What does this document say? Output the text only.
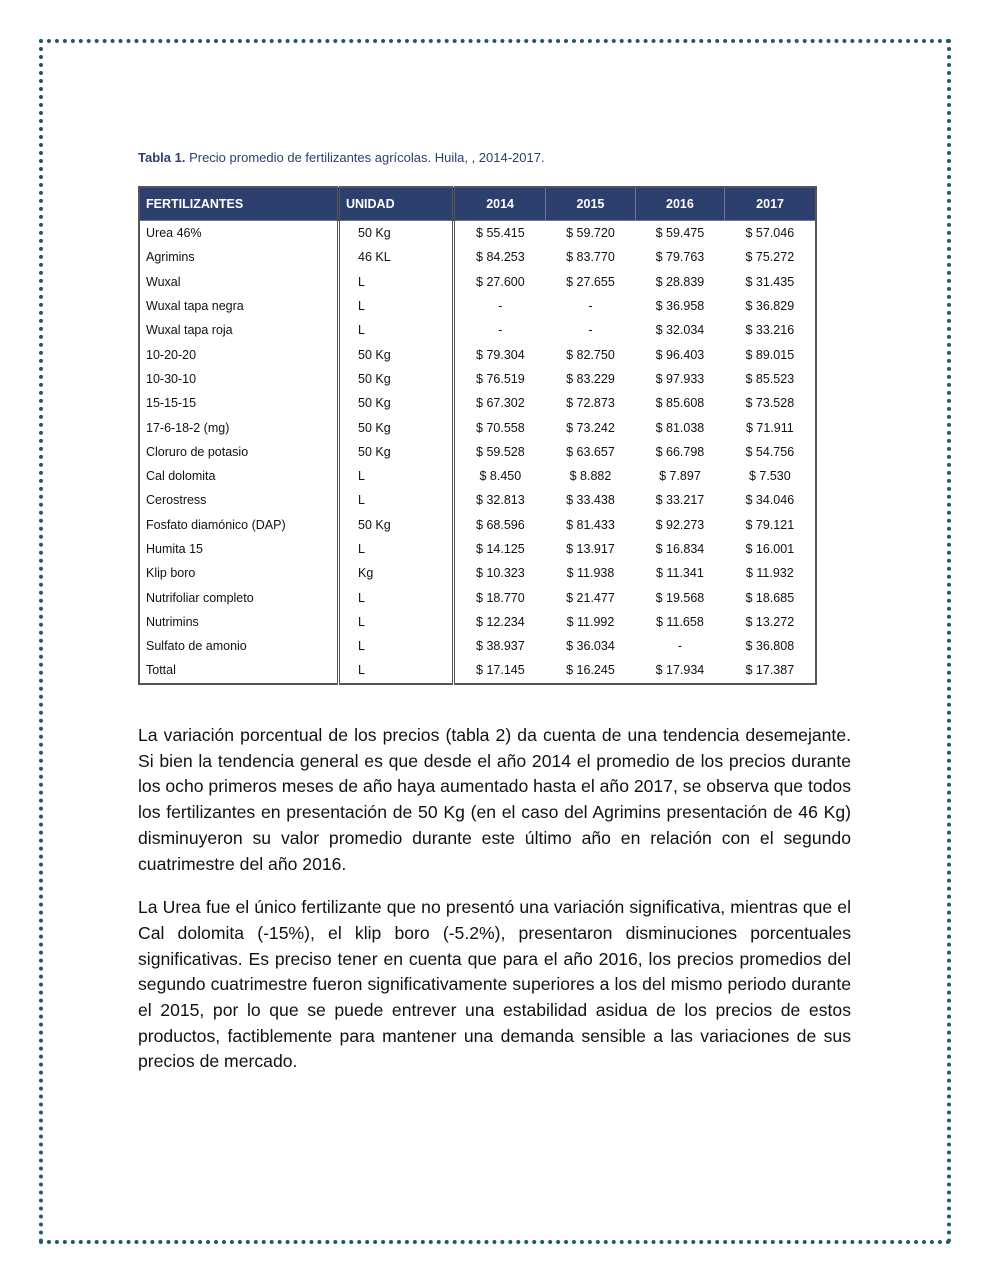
Tabla 1. Precio promedio de fertilizantes agrícolas. Huila, , 2014-2017.
FERTILIZANTES	UNIDAD	2014	2015	2016	2017
Urea 46%	50 Kg	$ 55.415	$ 59.720	$ 59.475	$ 57.046
Agrimins	46 KL	$ 84.253	$ 83.770	$ 79.763	$ 75.272
Wuxal	L	$ 27.600	$ 27.655	$ 28.839	$ 31.435
Wuxal tapa negra	L	-	-	$ 36.958	$ 36.829
Wuxal tapa roja	L	-	-	$ 32.034	$ 33.216
10-20-20	50 Kg	$ 79.304	$ 82.750	$ 96.403	$ 89.015
10-30-10	50 Kg	$ 76.519	$ 83.229	$ 97.933	$ 85.523
15-15-15	50 Kg	$ 67.302	$ 72.873	$ 85.608	$ 73.528
17-6-18-2 (mg)	50 Kg	$ 70.558	$ 73.242	$ 81.038	$ 71.911
Cloruro de potasio	50 Kg	$ 59.528	$ 63.657	$ 66.798	$ 54.756
Cal dolomita	L	$ 8.450	$ 8.882	$ 7.897	$ 7.530
Cerostress	L	$ 32.813	$ 33.438	$ 33.217	$ 34.046
Fosfato diamónico (DAP)	50 Kg	$ 68.596	$ 81.433	$ 92.273	$ 79.121
Humita 15	L	$ 14.125	$ 13.917	$ 16.834	$ 16.001
Klip boro	Kg	$ 10.323	$ 11.938	$ 11.341	$ 11.932
Nutrifoliar completo	L	$ 18.770	$ 21.477	$ 19.568	$ 18.685
Nutrimins	L	$ 12.234	$ 11.992	$ 11.658	$ 13.272
Sulfato de amonio	L	$ 38.937	$ 36.034	-	$ 36.808
Tottal	L	$ 17.145	$ 16.245	$ 17.934	$ 17.387

La variación porcentual de los precios (tabla 2) da cuenta de una tendencia desemejante. Si bien la tendencia general es que desde el año 2014 el promedio de los precios durante los ocho primeros meses de año haya aumentado hasta el año 2017, se observa que todos los fertilizantes en presentación de 50 Kg (en el caso del Agrimins presentación de 46 Kg) disminuyeron su valor promedio durante este último año en relación con el segundo cuatrimestre del año 2016.

La Urea fue el único fertilizante que no presentó una variación significativa, mientras que el Cal dolomita (-15%), el klip boro (-5.2%), presentaron disminuciones porcentuales significativas. Es preciso tener en cuenta que para el año 2016, los precios promedios del segundo cuatrimestre fueron significativamente superiores a los del mismo periodo durante el 2015, por lo que se puede entrever una estabilidad asidua de los precios de estos productos, factiblemente para mantener una demanda sensible a las variaciones de sus precios de mercado.
